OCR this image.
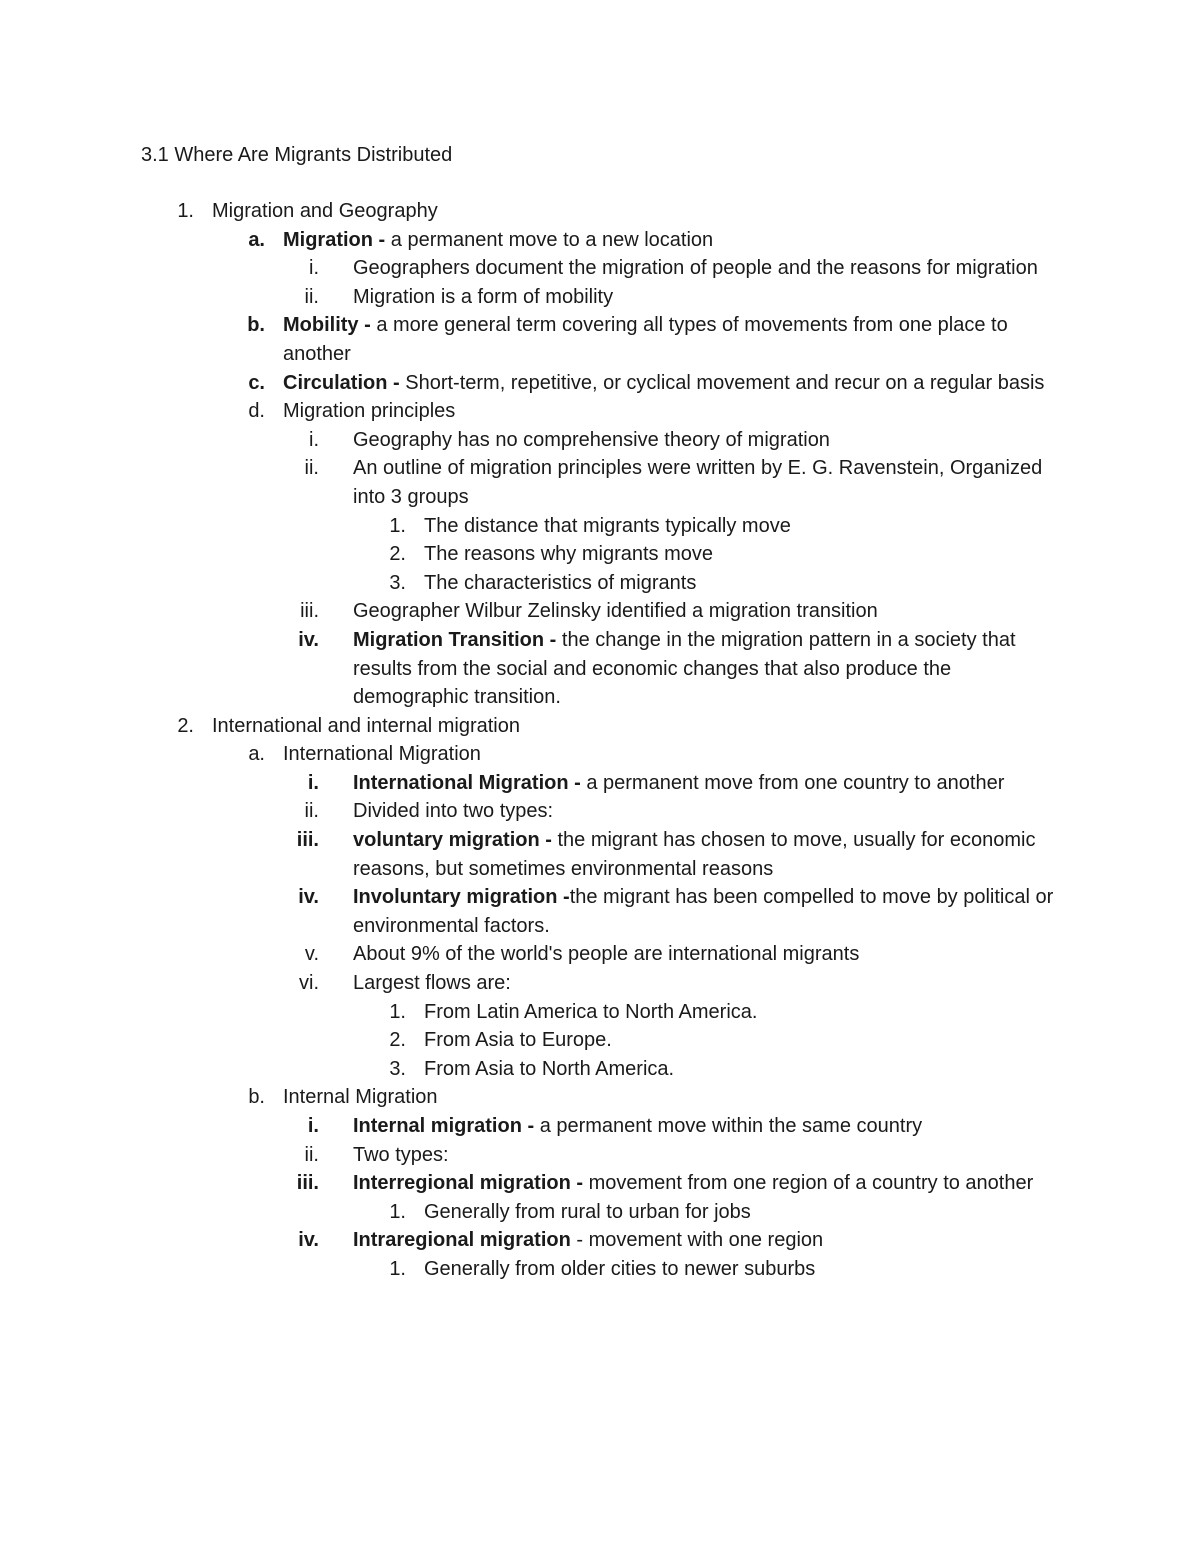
3.1 Where Are Migrants Distributed
1. Migration and Geography
a. Migration - a permanent move to a new location
i. Geographers document the migration of people and the reasons for migration
ii. Migration is a form of mobility
b. Mobility - a more general term covering all types of movements from one place to another
c. Circulation - Short-term, repetitive, or cyclical movement and recur on a regular basis
d. Migration principles
i. Geography has no comprehensive theory of migration
ii. An outline of migration principles were written by E. G. Ravenstein, Organized into 3 groups
1. The distance that migrants typically move
2. The reasons why migrants move
3. The characteristics of migrants
iii. Geographer Wilbur Zelinsky identified a migration transition
iv. Migration Transition - the change in the migration pattern in a society that results from the social and economic changes that also produce the demographic transition.
2. International and internal migration
a. International Migration
i. International Migration - a permanent move from one country to another
ii. Divided into two types:
iii. voluntary migration - the migrant has chosen to move, usually for economic reasons, but sometimes environmental reasons
iv. Involuntary migration -the migrant has been compelled to move by political or environmental factors.
v. About 9% of the world's people are international migrants
vi. Largest flows are:
1. From Latin America to North America.
2. From Asia to Europe.
3. From Asia to North America.
b. Internal Migration
i. Internal migration - a permanent move within the same country
ii. Two types:
iii. Interregional migration - movement from one region of a country to another
1. Generally from rural to urban for jobs
iv. Intraregional migration - movement with one region
1. Generally from older cities to newer suburbs
